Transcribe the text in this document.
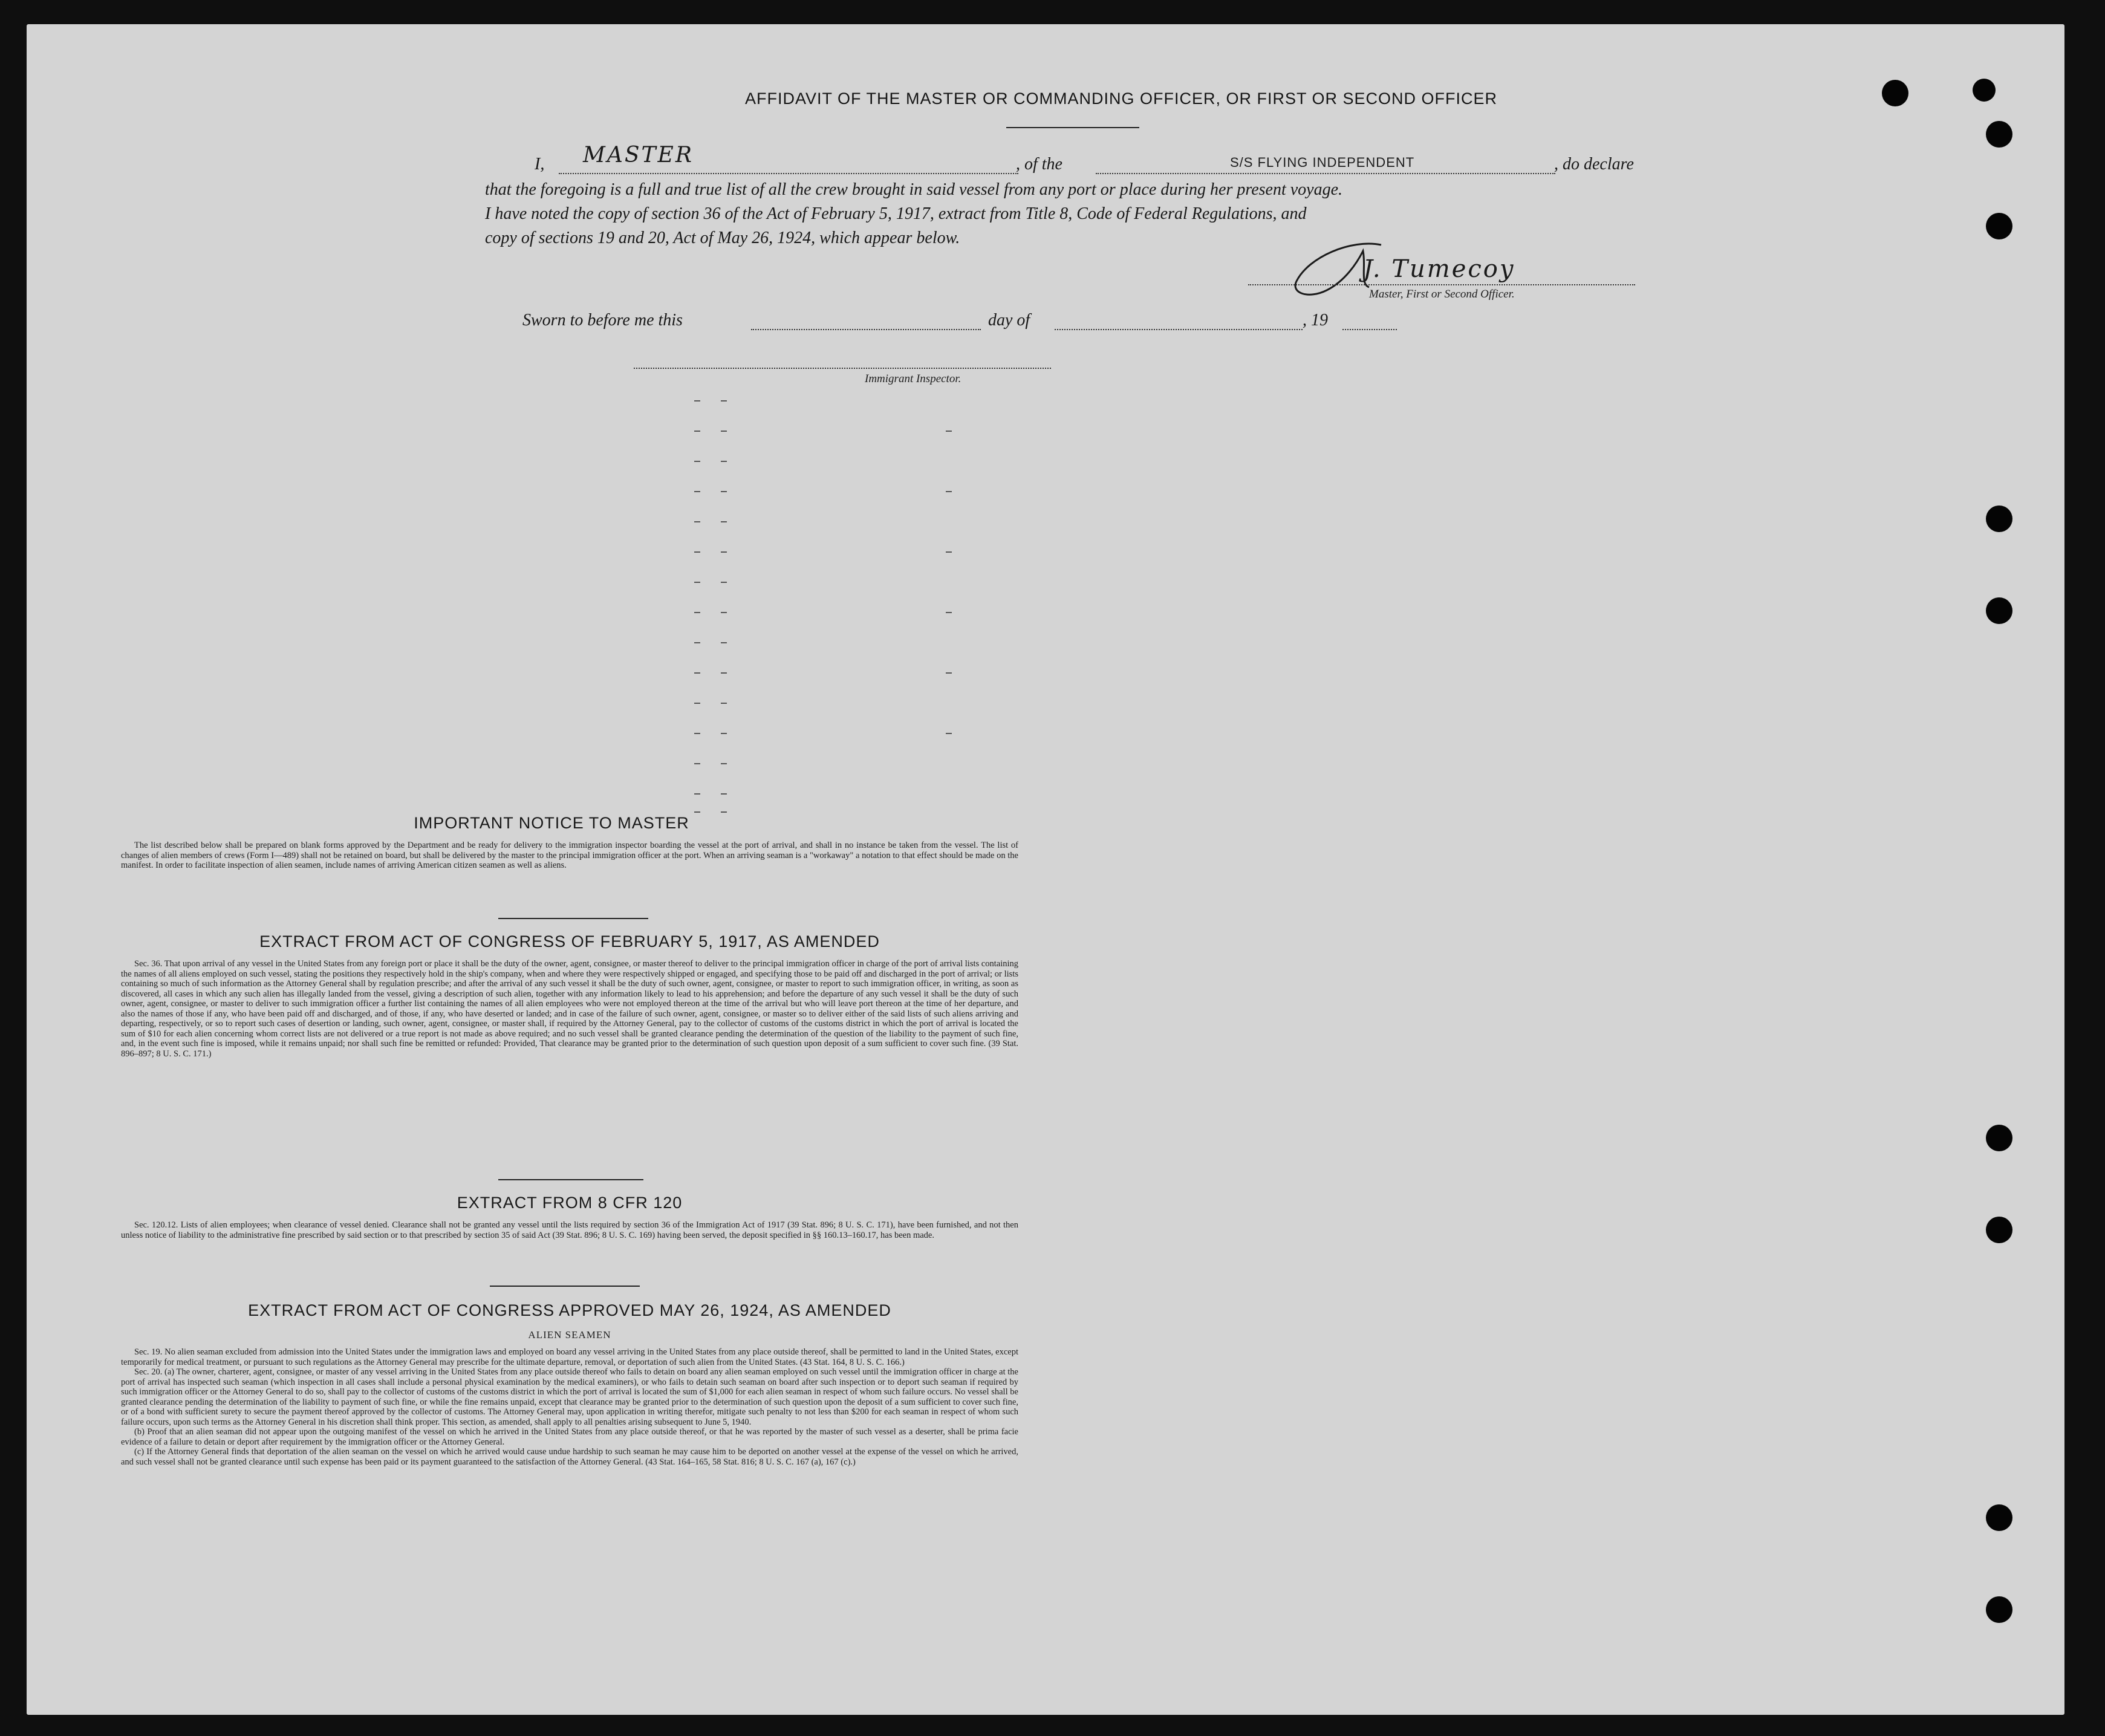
AFFIDAVIT OF THE MASTER OR COMMANDING OFFICER, OR FIRST OR SECOND OFFICER
I, MASTER	, of the	S/S FLYING INDEPENDENT	, do declare
that the foregoing is a full and true list of all the crew brought in said vessel from any port or place during her present voyage.
I have noted the copy of section 36 of the Act of February 5, 1917, extract from Title 8, Code of Federal Regulations, and
copy of sections 19 and 20, Act of May 26, 1924, which appear below.
J. Tumecoy
Master, First or Second Officer.
Sworn to before me this	day of	, 19
Immigrant Inspector.
IMPORTANT NOTICE TO MASTER

The list described below shall be prepared on blank forms approved by the Department and be ready for delivery to the immigration inspector boarding the vessel at the port of arrival, and shall in no instance be taken from the vessel. The list of changes of alien members of crews (Form I—489) shall not be retained on board, but shall be delivered by the master to the principal immigration officer at the port. When an arriving seaman is a "workaway" a notation to that effect should be made on the manifest. In order to facilitate inspection of alien seamen, include names of arriving American citizen seamen as well as aliens.

EXTRACT FROM ACT OF CONGRESS OF FEBRUARY 5, 1917, AS AMENDED

Sec. 36. That upon arrival of any vessel in the United States from any foreign port or place it shall be the duty of the owner, agent, consignee, or master thereof to deliver to the principal immigration officer in charge of the port of arrival lists containing the names of all aliens employed on such vessel, stating the positions they respectively hold in the ship's company, when and where they were respectively shipped or engaged, and specifying those to be paid off and discharged in the port of arrival; or lists containing so much of such information as the Attorney General shall by regulation prescribe; and after the arrival of any such vessel it shall be the duty of such owner, agent, consignee, or master to report to such immigration officer, in writing, as soon as discovered, all cases in which any such alien has illegally landed from the vessel, giving a description of such alien, together with any information likely to lead to his apprehension; and before the departure of any such vessel it shall be the duty of such owner, agent, consignee, or master to deliver to such immigration officer a further list containing the names of all alien employees who were not employed thereon at the time of the arrival but who will leave port thereon at the time of her departure, and also the names of those if any, who have been paid off and discharged, and of those, if any, who have deserted or landed; and in case of the failure of such owner, agent, consignee, or master so to deliver either of the said lists of such aliens arriving and departing, respectively, or so to report such cases of desertion or landing, such owner, agent, consignee, or master shall, if required by the Attorney General, pay to the collector of customs of the customs district in which the port of arrival is located the sum of $10 for each alien concerning whom correct lists are not delivered or a true report is not made as above required; and no such vessel shall be granted clearance pending the determination of the question of the liability to the payment of such fine, and, in the event such fine is imposed, while it remains unpaid; nor shall such fine be remitted or refunded: Provided, That clearance may be granted prior to the determination of such question upon deposit of a sum sufficient to cover such fine. (39 Stat. 896–897; 8 U. S. C. 171.)

EXTRACT FROM 8 CFR 120

Sec. 120.12. Lists of alien employees; when clearance of vessel denied. Clearance shall not be granted any vessel until the lists required by section 36 of the Immigration Act of 1917 (39 Stat. 896; 8 U. S. C. 171), have been furnished, and not then unless notice of liability to the administrative fine prescribed by said section or to that prescribed by section 35 of said Act (39 Stat. 896; 8 U. S. C. 169) having been served, the deposit specified in §§ 160.13–160.17, has been made.

EXTRACT FROM ACT OF CONGRESS APPROVED MAY 26, 1924, AS AMENDED
ALIEN SEAMEN

Sec. 19. No alien seaman excluded from admission into the United States under the immigration laws and employed on board any vessel arriving in the United States from any place outside thereof, shall be permitted to land in the United States, except temporarily for medical treatment, or pursuant to such regulations as the Attorney General may prescribe for the ultimate departure, removal, or deportation of such alien from the United States. (43 Stat. 164, 8 U. S. C. 166.)

Sec. 20. (a) The owner, charterer, agent, consignee, or master of any vessel arriving in the United States from any place outside thereof who fails to detain on board any alien seaman employed on such vessel until the immigration officer in charge at the port of arrival has inspected such seaman (which inspection in all cases shall include a personal physical examination by the medical examiners), or who fails to detain such seaman on board after such inspection or to deport such seaman if required by such immigration officer or the Attorney General to do so, shall pay to the collector of customs of the customs district in which the port of arrival is located the sum of $1,000 for each alien seaman in respect of whom such failure occurs. No vessel shall be granted clearance pending the determination of the liability to payment of such fine, or while the fine remains unpaid, except that clearance may be granted prior to the determination of such question upon the deposit of a sum sufficient to cover such fine, or of a bond with sufficient surety to secure the payment thereof approved by the collector of customs. The Attorney General may, upon application in writing therefor, mitigate such penalty to not less than $200 for each seaman in respect of whom such failure occurs, upon such terms as the Attorney General in his discretion shall think proper. This section, as amended, shall apply to all penalties arising subsequent to June 5, 1940.

(b) Proof that an alien seaman did not appear upon the outgoing manifest of the vessel on which he arrived in the United States from any place outside thereof, or that he was reported by the master of such vessel as a deserter, shall be prima facie evidence of a failure to detain or deport after requirement by the immigration officer or the Attorney General.

(c) If the Attorney General finds that deportation of the alien seaman on the vessel on which he arrived would cause undue hardship to such seaman he may cause him to be deported on another vessel at the expense of the vessel on which he arrived, and such vessel shall not be granted clearance until such expense has been paid or its payment guaranteed to the satisfaction of the Attorney General. (43 Stat. 164–165, 58 Stat. 816; 8 U. S. C. 167 (a), 167 (c).)
